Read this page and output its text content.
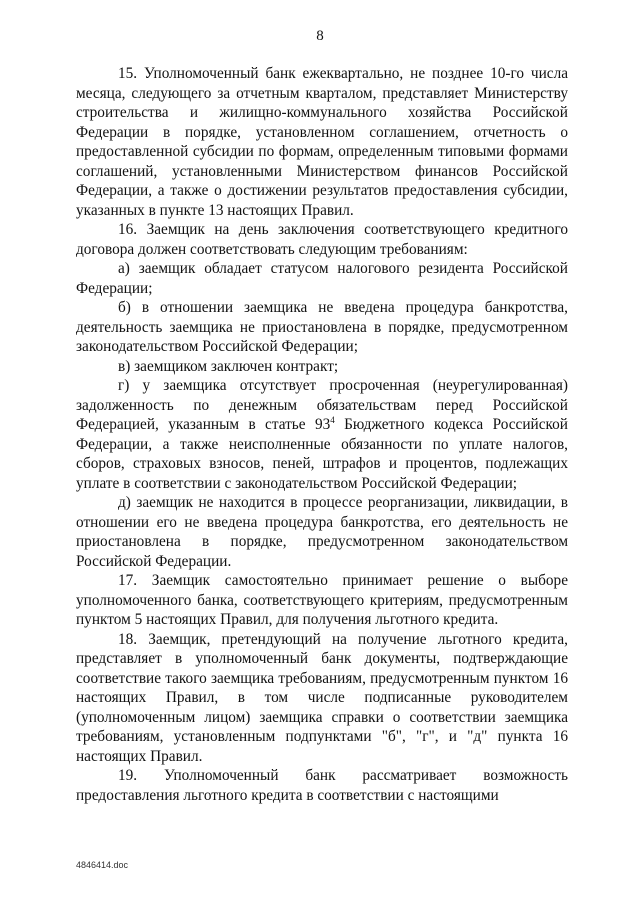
8

15. Уполномоченный банк ежеквартально, не позднее 10-го числа месяца, следующего за отчетным кварталом, представляет Министерству строительства и жилищно-коммунального хозяйства Российской Федерации в порядке, установленном соглашением, отчетность о предоставленной субсидии по формам, определенным типовыми формами соглашений, установленными Министерством финансов Российской Федерации, а также о достижении результатов предоставления субсидии, указанных в пункте 13 настоящих Правил.

16. Заемщик на день заключения соответствующего кредитного договора должен соответствовать следующим требованиям:

а) заемщик обладает статусом налогового резидента Российской Федерации;

б) в отношении заемщика не введена процедура банкротства, деятельность заемщика не приостановлена в порядке, предусмотренном законодательством Российской Федерации;

в) заемщиком заключен контракт;

г) у заемщика отсутствует просроченная (неурегулированная) задолженность по денежным обязательствам перед Российской Федерацией, указанным в статье $93^4$ Бюджетного кодекса Российской Федерации, а также неисполненные обязанности по уплате налогов, сборов, страховых взносов, пеней, штрафов и процентов, подлежащих уплате в соответствии с законодательством Российской Федерации;

д) заемщик не находится в процессе реорганизации, ликвидации, в отношении его не введена процедура банкротства, его деятельность не приостановлена в порядке, предусмотренном законодательством Российской Федерации.

17. Заемщик самостоятельно принимает решение о выборе уполномоченного банка, соответствующего критериям, предусмотренным пунктом 5 настоящих Правил, для получения льготного кредита.

18. Заемщик, претендующий на получение льготного кредита, представляет в уполномоченный банк документы, подтверждающие соответствие такого заемщика требованиям, предусмотренным пунктом 16 настоящих Правил, в том числе подписанные руководителем (уполномоченным лицом) заемщика справки о соответствии заемщика требованиям, установленным подпунктами "б", "г", и "д" пункта 16 настоящих Правил.

19. Уполномоченный банк рассматривает возможность предоставления льготного кредита в соответствии с настоящими

4846414.doc
